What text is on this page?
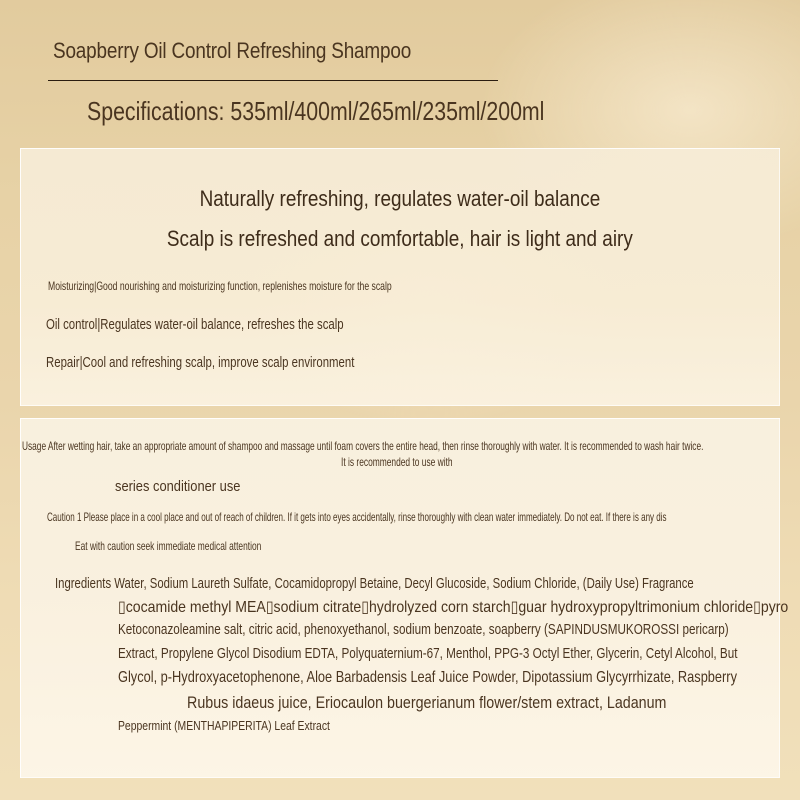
Soapberry Oil Control Refreshing Shampoo
Specifications: 535ml/400ml/265ml/235ml/200ml
Naturally refreshing, regulates water-oil balance
Scalp is refreshed and comfortable, hair is light and airy
Moisturizing|Good nourishing and moisturizing function, replenishes moisture for the scalp
Oil control|Regulates water-oil balance, refreshes the scalp
Repair|Cool and refreshing scalp, improve scalp environment
Usage After wetting hair, take an appropriate amount of shampoo and massage until foam covers the entire head, then rinse thoroughly with water. It is recommended to wash hair twice.
It is recommended to use with
series conditioner use
Caution 1 Please place in a cool place and out of reach of children. If it gets into eyes accidentally, rinse thoroughly with clean water immediately. Do not eat. If there is any dis
Eat with caution seek immediate medical attention
Ingredients Water, Sodium Laureth Sulfate, Cocamidopropyl Betaine, Decyl Glucoside, Sodium Chloride, (Daily Use) Fragrance
▯cocamide methyl MEA▯sodium citrate▯hydrolyzed corn starch▯guar hydroxypropyltrimonium chloride▯pyro
Ketoconazoleamine salt, citric acid, phenoxyethanol, sodium benzoate, soapberry (SAPINDUSMUKOROSSI pericarp)
Extract, Propylene Glycol Disodium EDTA, Polyquaternium-67, Menthol, PPG-3 Octyl Ether, Glycerin, Cetyl Alcohol, But
Glycol, p-Hydroxyacetophenone, Aloe Barbadensis Leaf Juice Powder, Dipotassium Glycyrrhizate, Raspberry
Rubus idaeus juice, Eriocaulon buergerianum flower/stem extract, Ladanum
Peppermint (MENTHAPIPERITA) Leaf Extract
